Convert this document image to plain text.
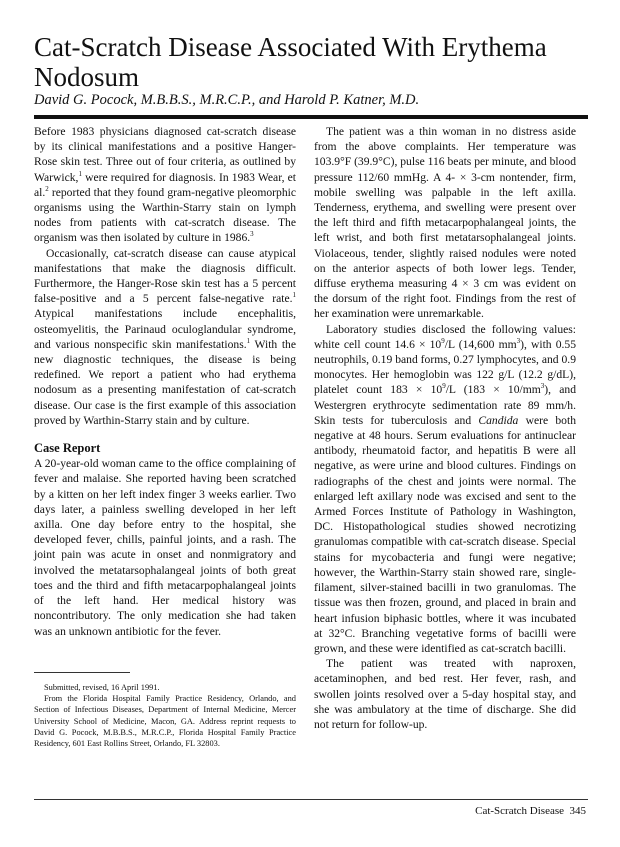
Cat-Scratch Disease Associated With Erythema Nodosum
David G. Pocock, M.B.B.S., M.R.C.P., and Harold P. Katner, M.D.

Before 1983 physicians diagnosed cat-scratch disease by its clinical manifestations and a positive Hanger-Rose skin test. Three out of four criteria, as outlined by Warwick,$^1$ were required for diagnosis. In 1983 Wear, et al.$^2$ reported that they found gram-negative pleomorphic organisms using the Warthin-Starry stain on lymph nodes from patients with cat-scratch disease. The organism was then isolated by culture in 1986.$^3$

Occasionally, cat-scratch disease can cause atypical manifestations that make the diagnosis difficult. Furthermore, the Hanger-Rose skin test has a 5 percent false-positive and a 5 percent false-negative rate.$^1$ Atypical manifestations include encephalitis, osteomyelitis, the Parinaud oculoglandular syndrome, and various nonspecific skin manifestations.$^1$ With the new diagnostic techniques, the disease is being redefined. We report a patient who had erythema nodosum as a presenting manifestation of cat-scratch disease. Our case is the first example of this association proved by Warthin-Starry stain and by culture.

Case Report

A 20-year-old woman came to the office complaining of fever and malaise. She reported having been scratched by a kitten on her left index finger 3 weeks earlier. Two days later, a painless swelling developed in her left axilla. One day before entry to the hospital, she developed fever, chills, painful joints, and a rash. The joint pain was acute in onset and nonmigratory and involved the metatarsophalangeal joints of both great toes and the third and fifth metacarpophalangeal joints of the left hand. Her medical history was noncontributory. The only medication she had taken was an unknown antibiotic for the fever.

Submitted, revised, 16 April 1991.

From the Florida Hospital Family Practice Residency, Orlando, and Section of Infectious Diseases, Department of Internal Medicine, Mercer University School of Medicine, Macon, GA. Address reprint requests to David G. Pocock, M.B.B.S., M.R.C.P., Florida Hospital Family Practice Residency, 601 East Rollins Street, Orlando, FL 32803.

The patient was a thin woman in no distress aside from the above complaints. Her temperature was 103.9°F (39.9°C), pulse 116 beats per minute, and blood pressure 112/60 mmHg. A 4- × 3-cm nontender, firm, mobile swelling was palpable in the left axilla. Tenderness, erythema, and swelling were present over the left third and fifth metacarpophalangeal joints, the left wrist, and both first metatarsophalangeal joints. Violaceous, tender, slightly raised nodules were noted on the anterior aspects of both lower legs. Tender, diffuse erythema measuring 4 × 3 cm was evident on the dorsum of the right foot. Findings from the rest of her examination were unremarkable.

Laboratory studies disclosed the following values: white cell count $14.6 \times 10^9/L$ (14,600 $mm^3$), with 0.55 neutrophils, 0.19 band forms, 0.27 lymphocytes, and 0.9 monocytes. Her hemoglobin was 122 g/L (12.2 g/dL), platelet count $183 \times 10^9/L$ $(183 \times 10/mm^3)$, and Westergren erythrocyte sedimentation rate 89 mm/h. Skin tests for tuberculosis and Candida were both negative at 48 hours. Serum evaluations for antinuclear antibody, rheumatoid factor, and hepatitis B were all negative, as were urine and blood cultures. Findings on radiographs of the chest and joints were normal. The enlarged left axillary node was excised and sent to the Armed Forces Institute of Pathology in Washington, DC. Histopathological studies showed necrotizing granulomas compatible with cat-scratch disease. Special stains for mycobacteria and fungi were negative; however, the Warthin-Starry stain showed rare, single-filament, silver-stained bacilli in two granulomas. The tissue was then frozen, ground, and placed in brain and heart infusion biphasic bottles, where it was incubated at 32°C. Branching vegetative forms of bacilli were grown, and these were identified as cat-scratch bacilli.

The patient was treated with naproxen, acetaminophen, and bed rest. Her fever, rash, and swollen joints resolved over a 5-day hospital stay, and she was ambulatory at the time of discharge. She did not return for follow-up.

Cat-Scratch Disease 345
